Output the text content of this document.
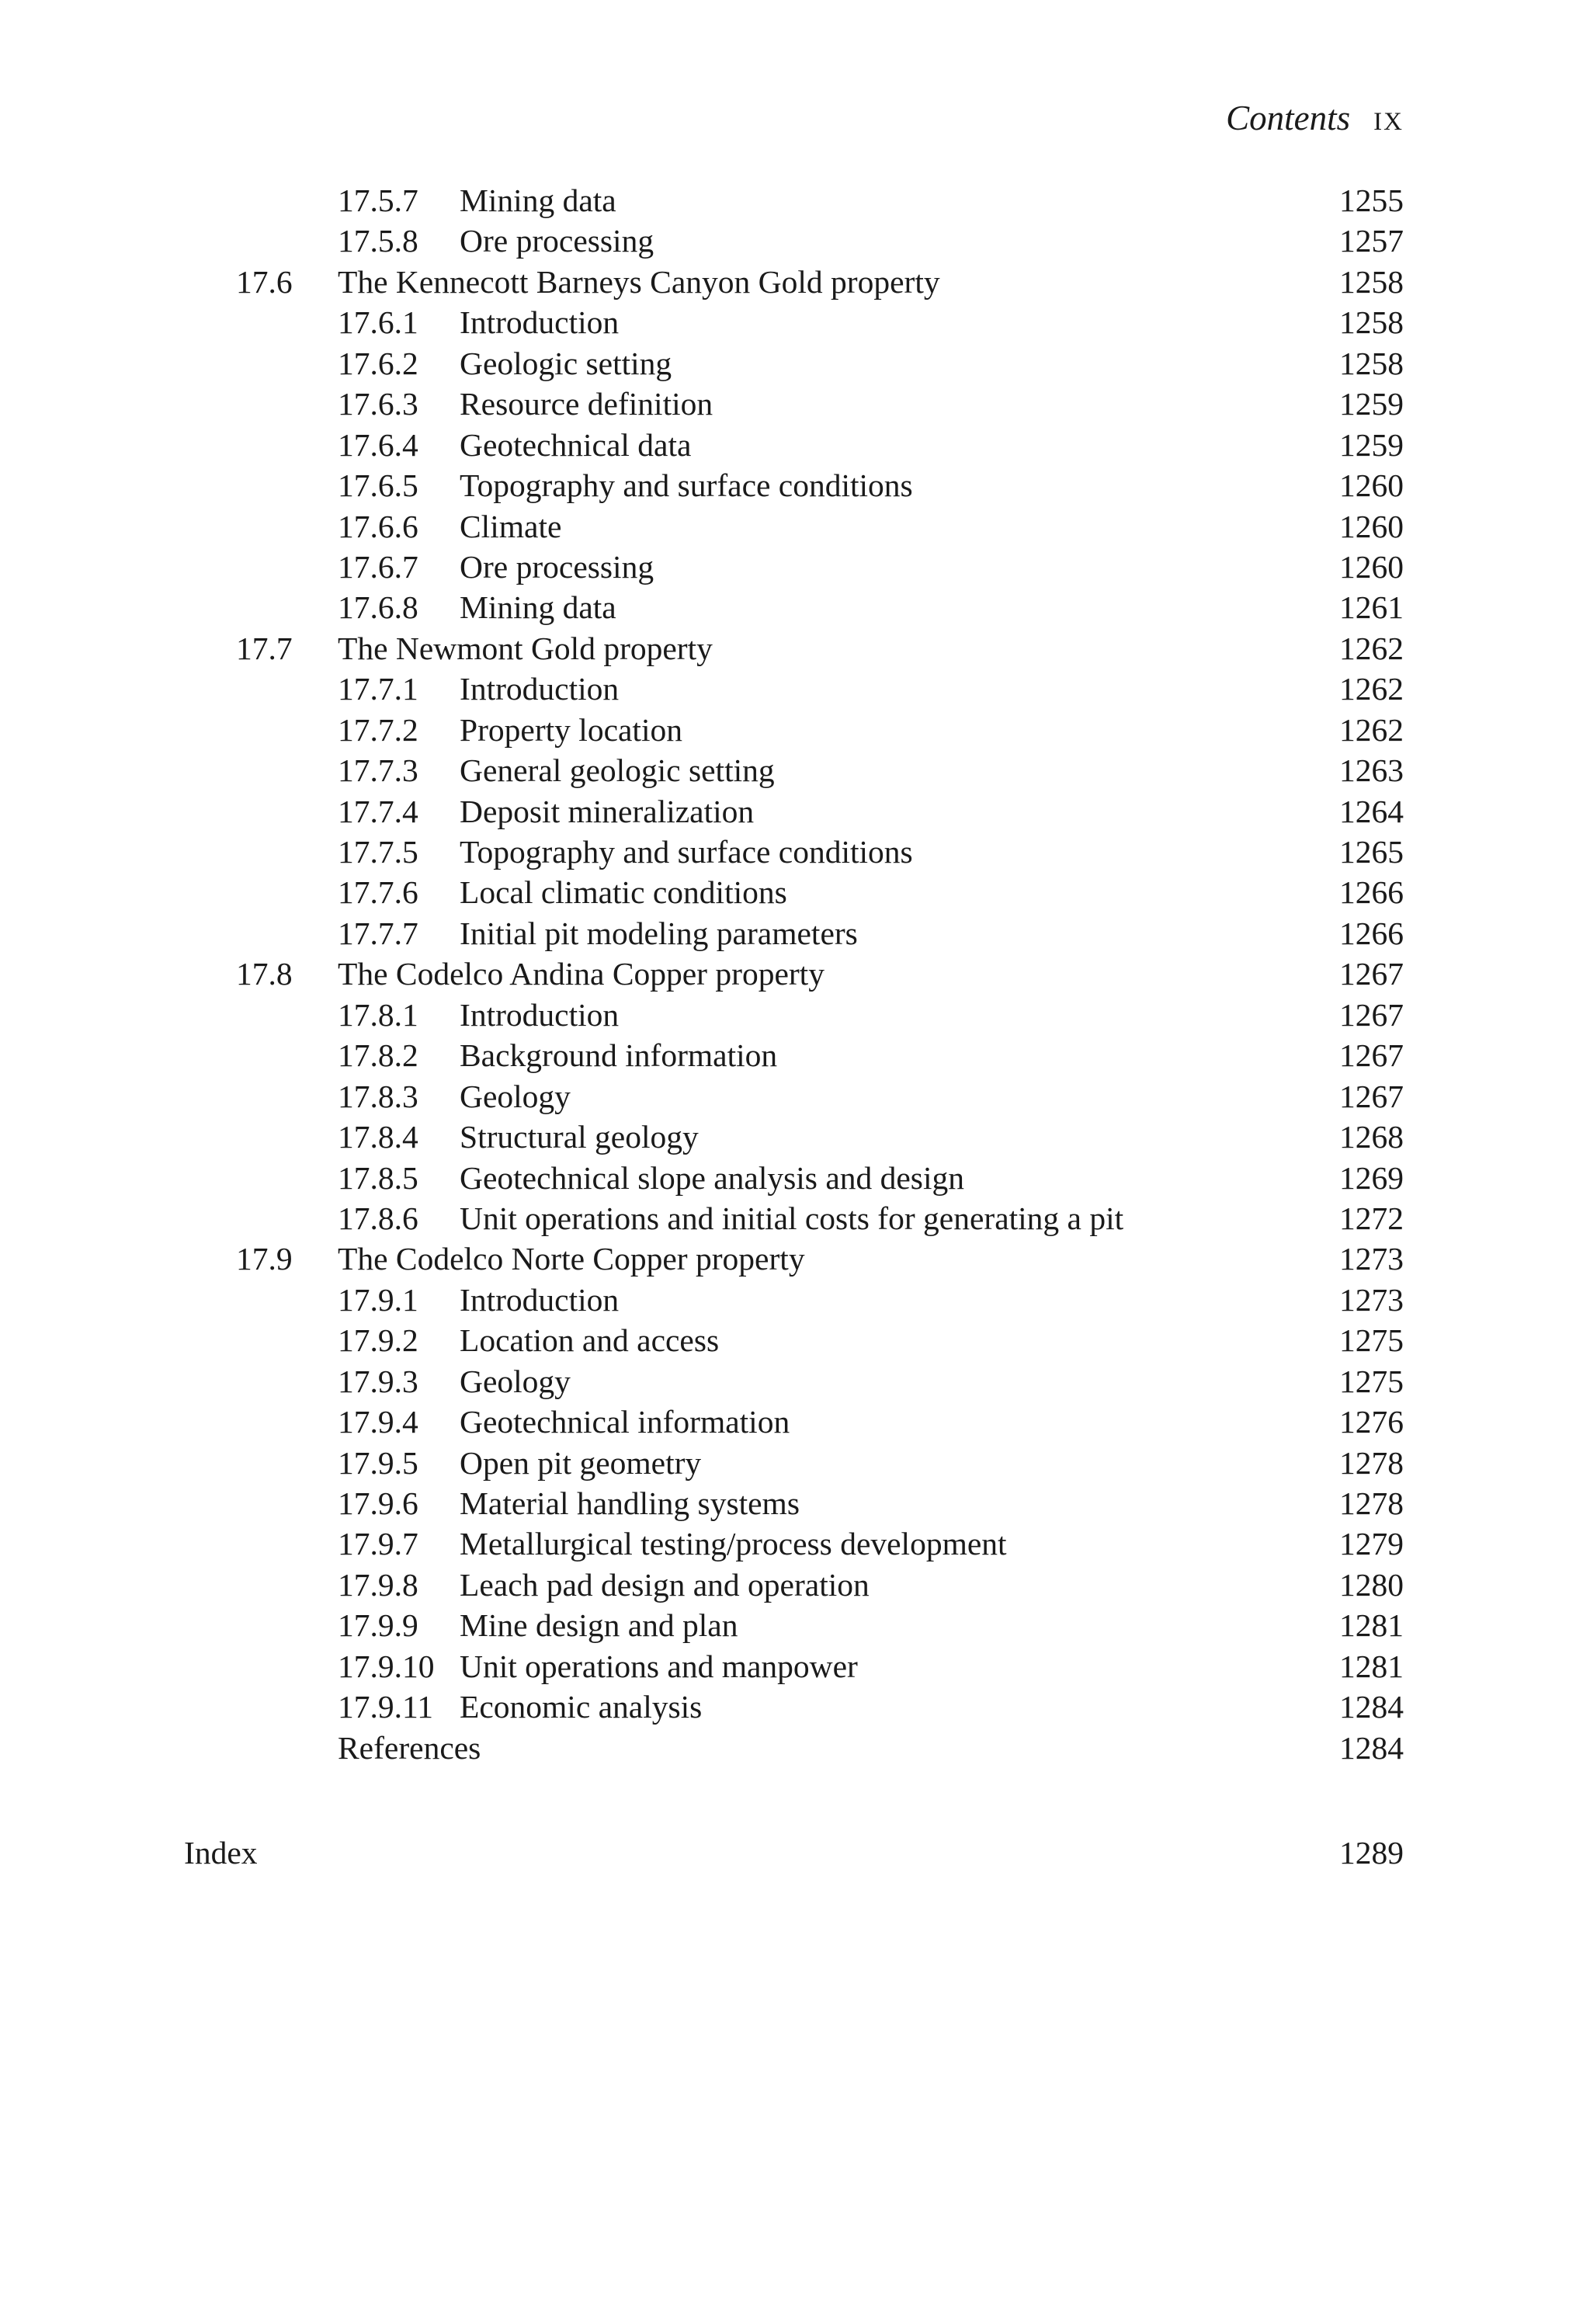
Contents IX
17.5.7 Mining data	1255
17.5.8 Ore processing	1257
17.6 The Kennecott Barneys Canyon Gold property	1258
17.6.1 Introduction	1258
17.6.2 Geologic setting	1258
17.6.3 Resource definition	1259
17.6.4 Geotechnical data	1259
17.6.5 Topography and surface conditions	1260
17.6.6 Climate	1260
17.6.7 Ore processing	1260
17.6.8 Mining data	1261
17.7 The Newmont Gold property	1262
17.7.1 Introduction	1262
17.7.2 Property location	1262
17.7.3 General geologic setting	1263
17.7.4 Deposit mineralization	1264
17.7.5 Topography and surface conditions	1265
17.7.6 Local climatic conditions	1266
17.7.7 Initial pit modeling parameters	1266
17.8 The Codelco Andina Copper property	1267
17.8.1 Introduction	1267
17.8.2 Background information	1267
17.8.3 Geology	1267
17.8.4 Structural geology	1268
17.8.5 Geotechnical slope analysis and design	1269
17.8.6 Unit operations and initial costs for generating a pit	1272
17.9 The Codelco Norte Copper property	1273
17.9.1 Introduction	1273
17.9.2 Location and access	1275
17.9.3 Geology	1275
17.9.4 Geotechnical information	1276
17.9.5 Open pit geometry	1278
17.9.6 Material handling systems	1278
17.9.7 Metallurgical testing/process development	1279
17.9.8 Leach pad design and operation	1280
17.9.9 Mine design and plan	1281
17.9.10 Unit operations and manpower	1281
17.9.11 Economic analysis	1284
References	1284
Index	1289
